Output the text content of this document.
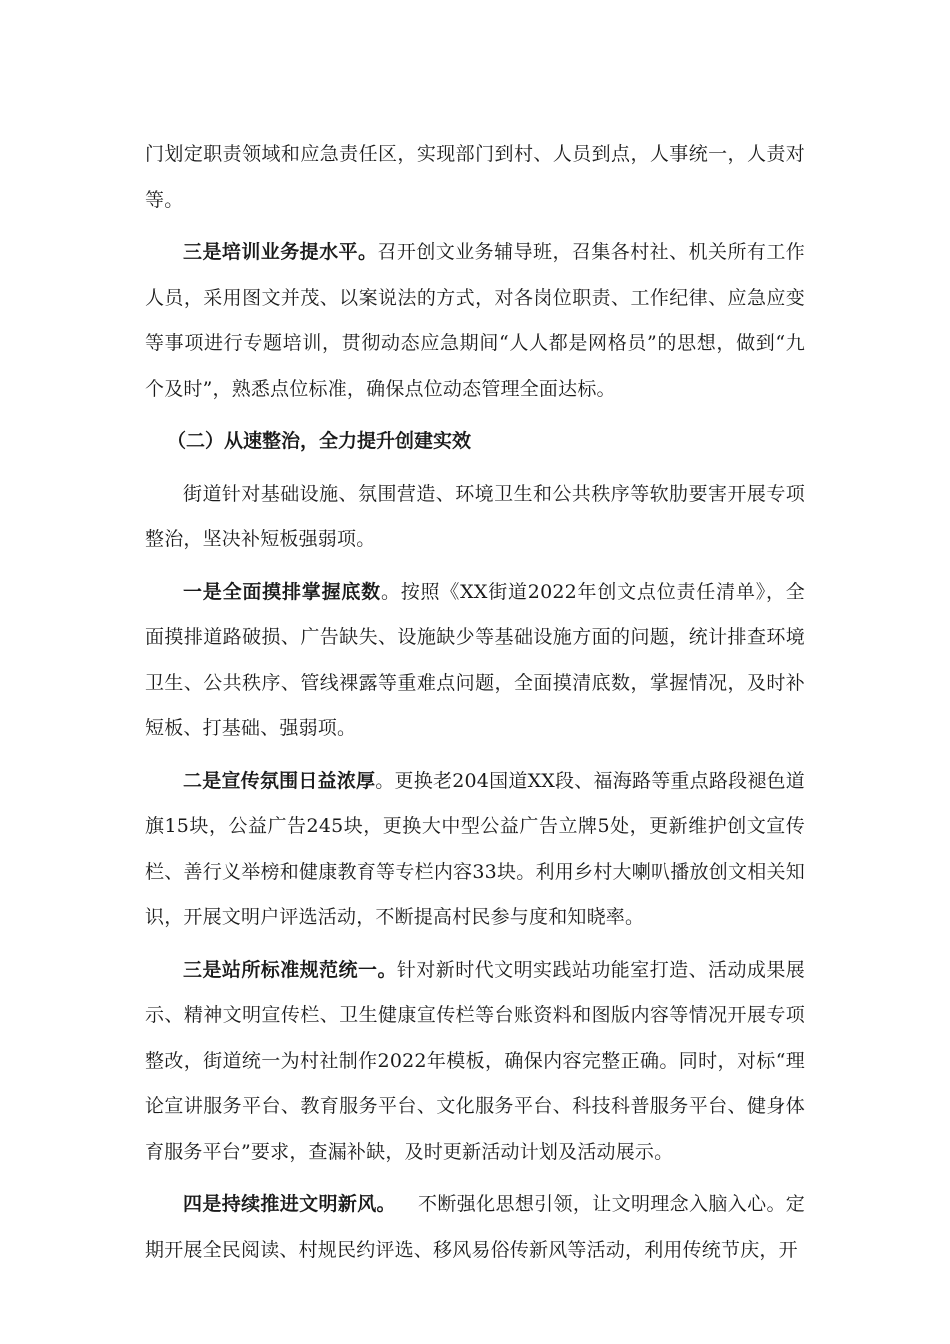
门划定职责领域和应急责任区，实现部门到村、人员到点，人事统一，人责对等。

三是培训业务提水平。召开创文业务辅导班，召集各村社、机关所有工作人员，采用图文并茂、以案说法的方式，对各岗位职责、工作纪律、应急应变等事项进行专题培训，贯彻动态应急期间“人人都是网格员”的思想，做到“九个及时”，熟悉点位标准，确保点位动态管理全面达标。

（二）从速整治，全力提升创建实效

街道针对基础设施、氛围营造、环境卫生和公共秩序等软肋要害开展专项整治，坚决补短板强弱项。

一是全面摸排掌握底数。按照《XX街道2022年创文点位责任清单》，全面摸排道路破损、广告缺失、设施缺少等基础设施方面的问题，统计排查环境卫生、公共秩序、管线裸露等重难点问题，全面摸清底数，掌握情况，及时补短板、打基础、强弱项。

二是宣传氛围日益浓厚。更换老204国道XX段、福海路等重点路段褪色道旗15块，公益广告245块，更换大中型公益广告立牌5处，更新维护创文宣传栏、善行义举榜和健康教育等专栏内容33块。利用乡村大喇叭播放创文相关知识，开展文明户评选活动，不断提高村民参与度和知晓率。

三是站所标准规范统一。针对新时代文明实践站功能室打造、活动成果展示、精神文明宣传栏、卫生健康宣传栏等台账资料和图版内容等情况开展专项整改，街道统一为村社制作2022年模板，确保内容完整正确。同时，对标“理论宣讲服务平台、教育服务平台、文化服务平台、科技科普服务平台、健身体育服务平台”要求，查漏补缺，及时更新活动计划及活动展示。

四是持续推进文明新风。 不断强化思想引领，让文明理念入脑入心。定期开展全民阅读、村规民约评选、移风易俗传新风等活动，利用传统节庆，开
